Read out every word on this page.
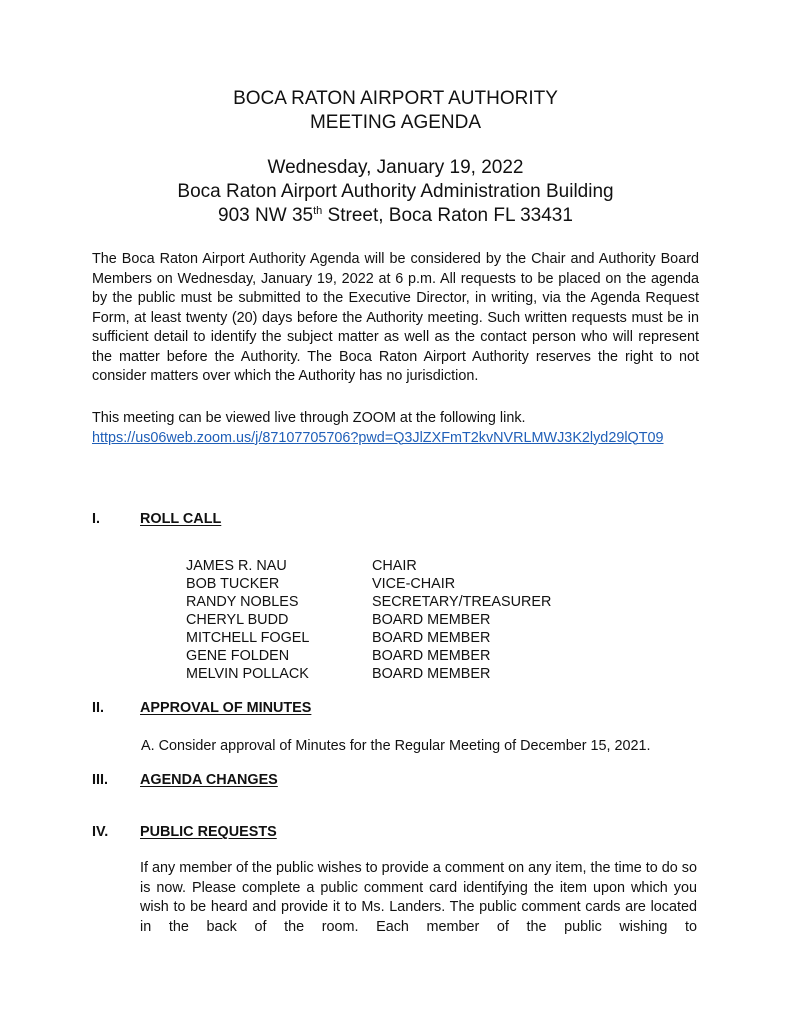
BOCA RATON AIRPORT AUTHORITY
MEETING AGENDA
Wednesday, January 19, 2022
Boca Raton Airport Authority Administration Building
903 NW 35th Street, Boca Raton FL 33431
The Boca Raton Airport Authority Agenda will be considered by the Chair and Authority Board Members on Wednesday, January 19, 2022 at 6 p.m. All requests to be placed on the agenda by the public must be submitted to the Executive Director, in writing, via the Agenda Request Form, at least twenty (20) days before the Authority meeting. Such written requests must be in sufficient detail to identify the subject matter as well as the contact person who will represent the matter before the Authority. The Boca Raton Airport Authority reserves the right to not consider matters over which the Authority has no jurisdiction.
This meeting can be viewed live through ZOOM at the following link.
https://us06web.zoom.us/j/87107705706?pwd=Q3JlZXFmT2kvNVRLMWJ3K2lyd29lQT09
I.	ROLL CALL
JAMES R. NAU	CHAIR
BOB TUCKER	VICE-CHAIR
RANDY NOBLES	SECRETARY/TREASURER
CHERYL BUDD	BOARD MEMBER
MITCHELL FOGEL	BOARD MEMBER
GENE FOLDEN	BOARD MEMBER
MELVIN POLLACK	BOARD MEMBER
II.	APPROVAL OF MINUTES
A. Consider approval of Minutes for the Regular Meeting of December 15, 2021.
III. AGENDA CHANGES
IV. PUBLIC REQUESTS
If any member of the public wishes to provide a comment on any item, the time to do so is now. Please complete a public comment card identifying the item upon which you wish to be heard and provide it to Ms. Landers. The public comment cards are located in the back of the room. Each member of the public wishing to
